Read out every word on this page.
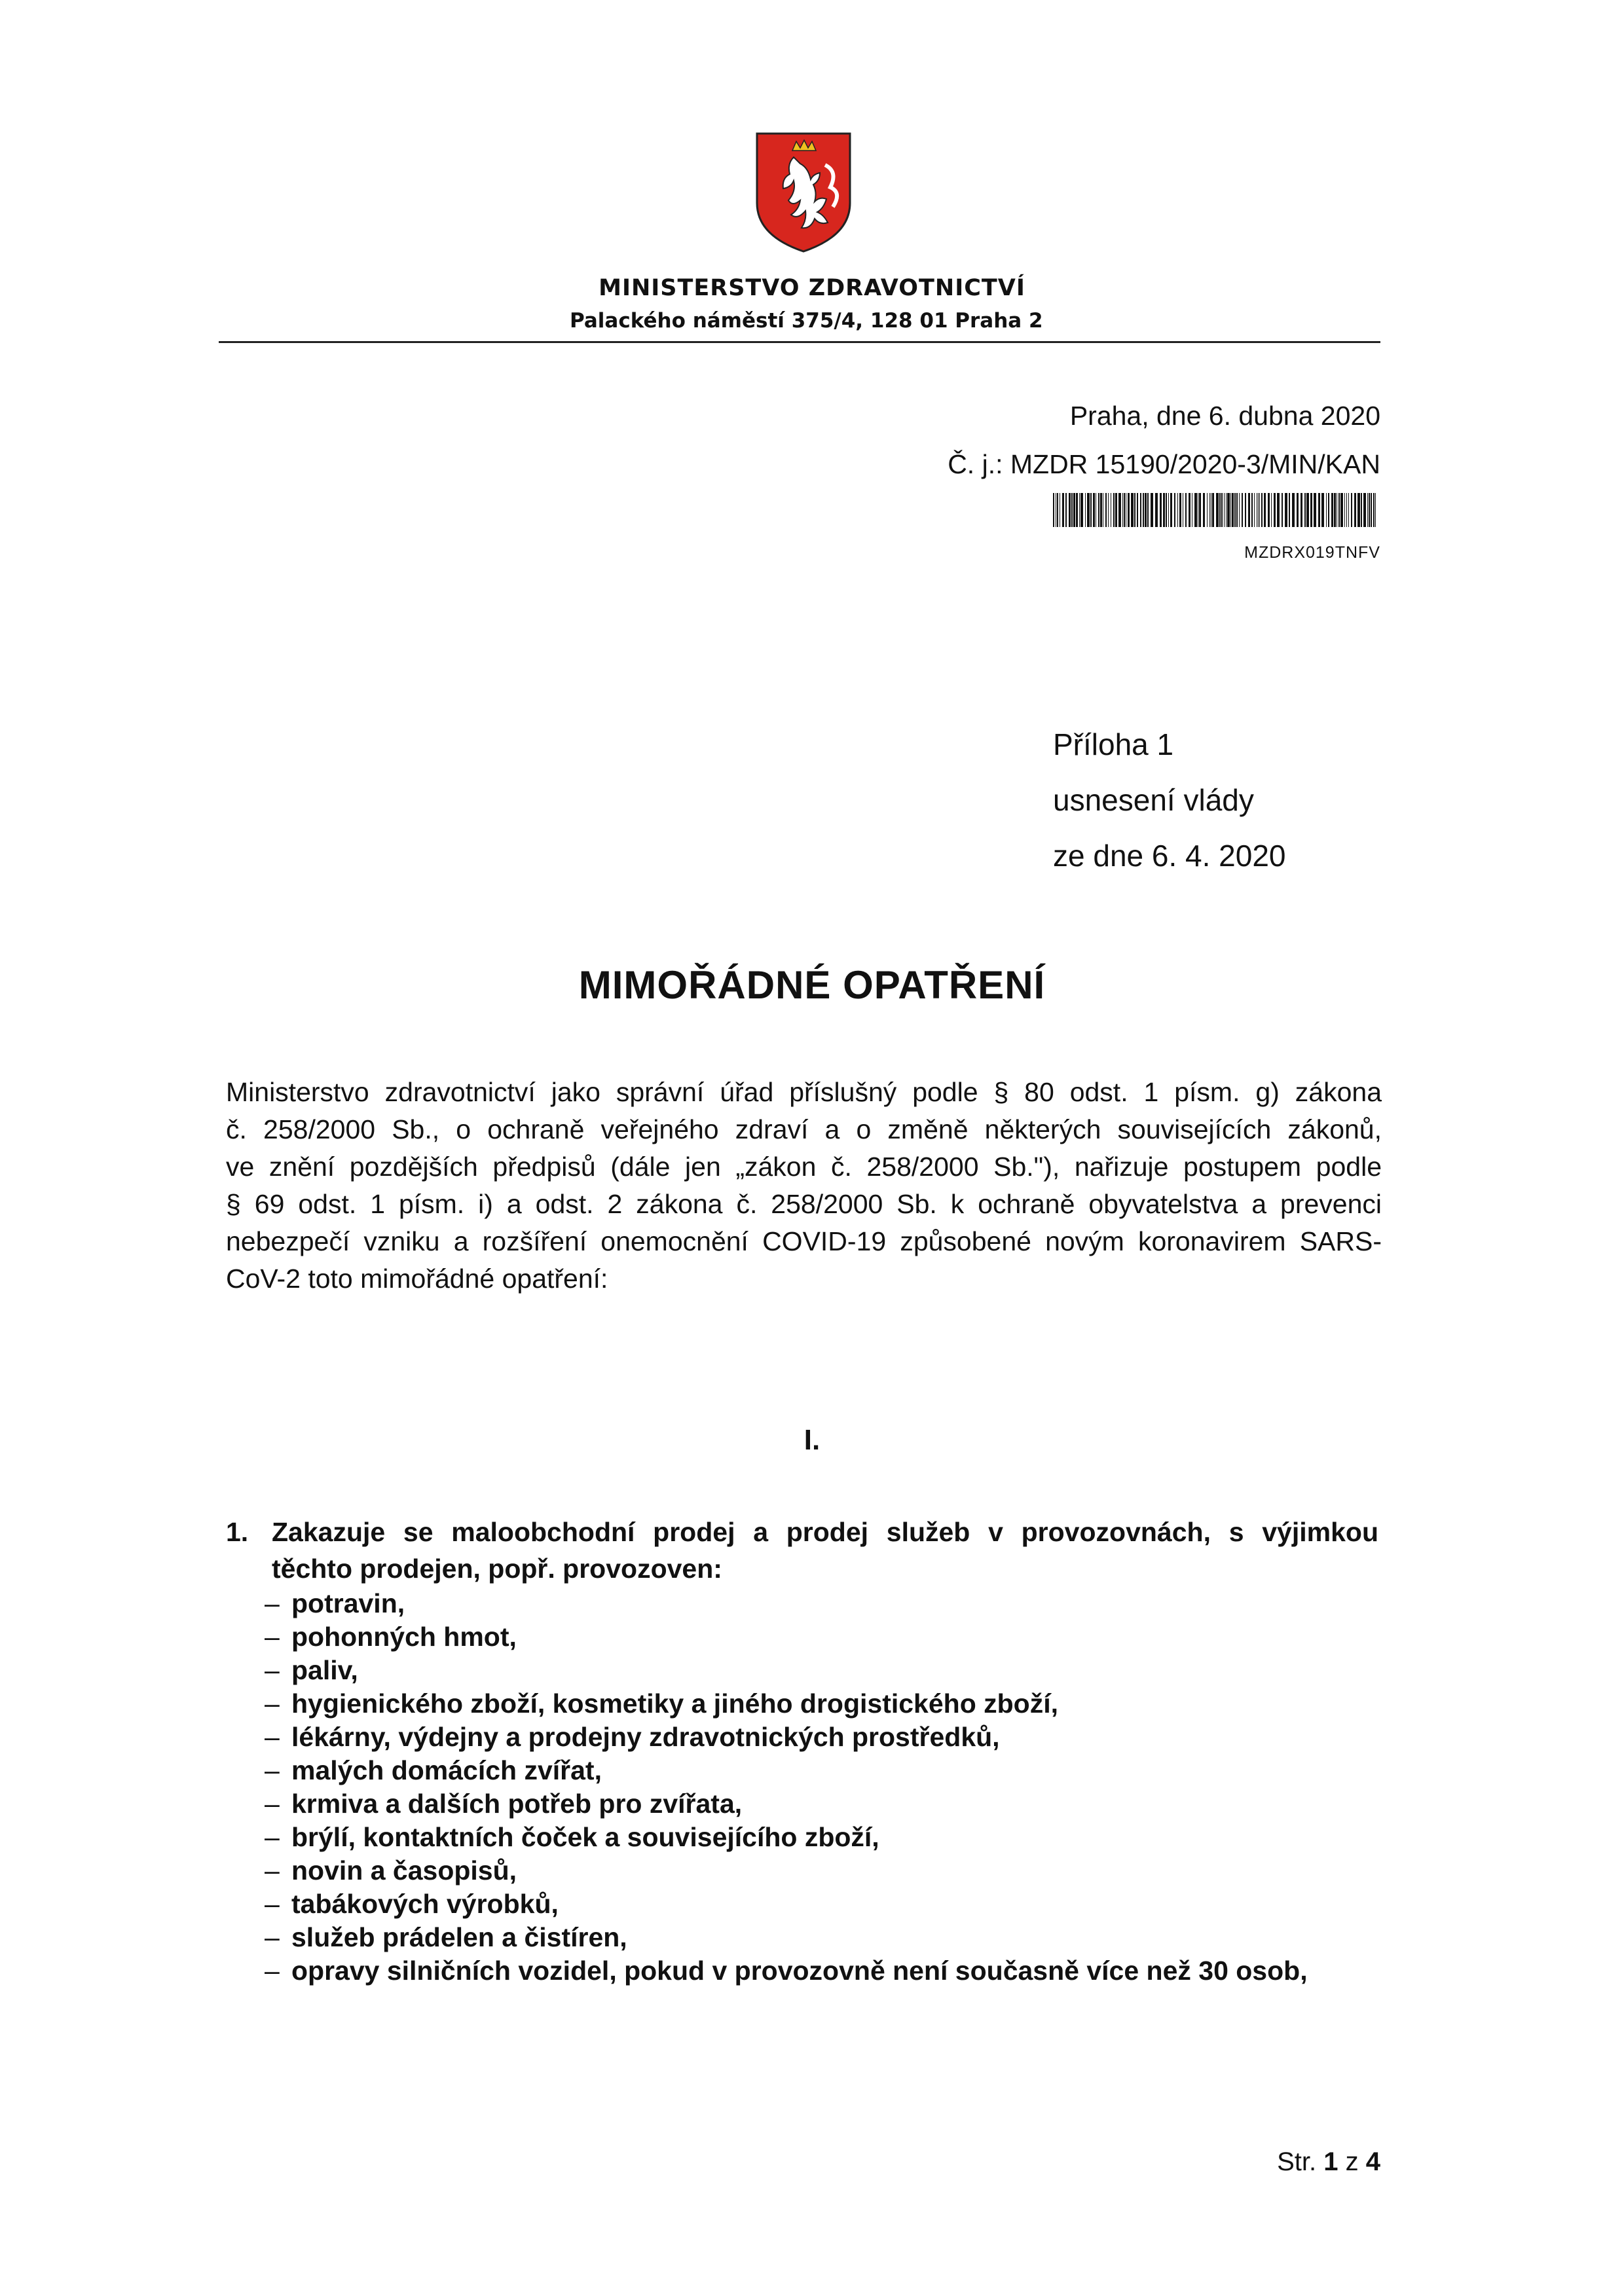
MINISTERSTVO ZDRAVOTNICTVÍ
Palackého náměstí 375/4, 128 01 Praha 2
Praha, dne 6. dubna 2020
Č. j.: MZDR 15190/2020-3/MIN/KAN
MZDRX019TNFV
Příloha 1
usnesení vlády
ze dne 6. 4. 2020
MIMOŘÁDNÉ OPATŘENÍ
Ministerstvo zdravotnictví jako správní úřad příslušný podle § 80 odst. 1 písm. g) zákona
č. 258/2000 Sb., o ochraně veřejného zdraví a o změně některých souvisejících zákonů,
ve znění pozdějších předpisů (dále jen „zákon č. 258/2000 Sb."), nařizuje postupem podle
§ 69 odst. 1 písm. i) a odst. 2 zákona č. 258/2000 Sb. k ochraně obyvatelstva a prevenci
nebezpečí vzniku a rozšíření onemocnění COVID-19 způsobené novým koronavirem SARS-
CoV-2 toto mimořádné opatření:
I.
1. Zakazuje se maloobchodní prodej a prodej služeb v provozovnách, s výjimkou
těchto prodejen, popř. provozoven:
– potravin,
– pohonných hmot,
– paliv,
– hygienického zboží, kosmetiky a jiného drogistického zboží,
– lékárny, výdejny a prodejny zdravotnických prostředků,
– malých domácích zvířat,
– krmiva a dalších potřeb pro zvířata,
– brýlí, kontaktních čoček a souvisejícího zboží,
– novin a časopisů,
– tabákových výrobků,
– služeb prádelen a čistíren,
– opravy silničních vozidel, pokud v provozovně není současně více než 30 osob,
Str. 1 z 4
